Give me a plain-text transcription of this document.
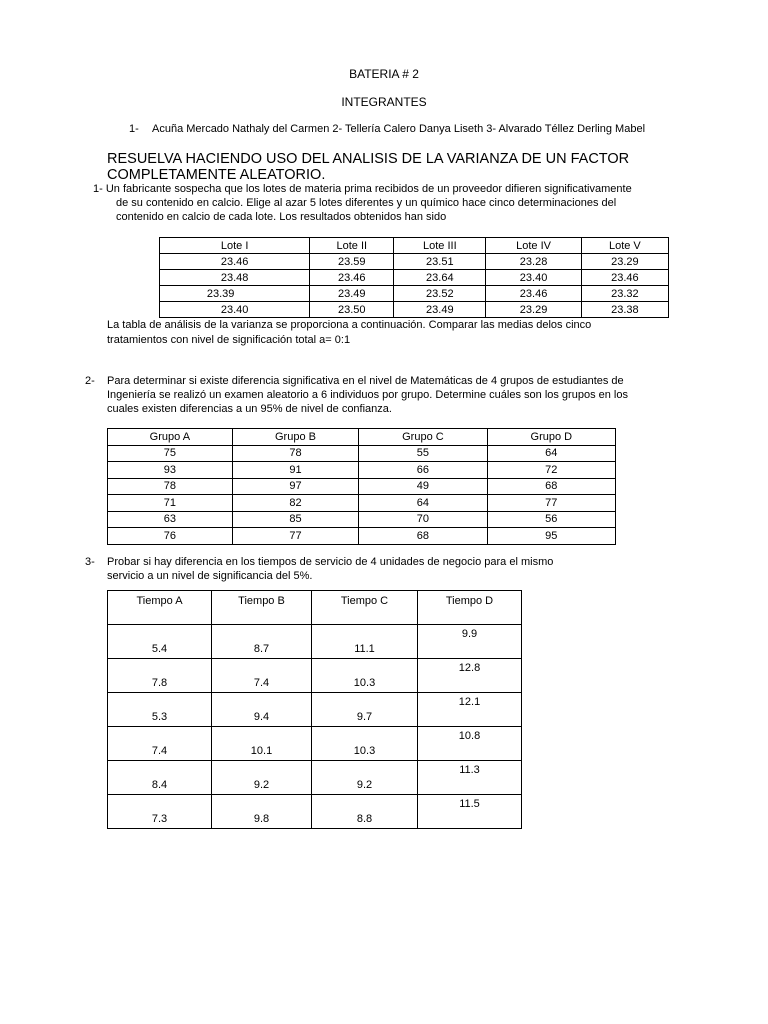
BATERIA # 2
INTEGRANTES
1- Acuña Mercado Nathaly del Carmen 2- Tellería Calero Danya Liseth 3- Alvarado Téllez Derling Mabel
RESUELVA HACIENDO USO DEL ANALISIS DE LA VARIANZA DE UN FACTOR
COMPLETAMENTE ALEATORIO.
1- Un fabricante sospecha que los lotes de materia prima recibidos de un proveedor difieren significativamente
de su contenido en calcio. Elige al azar 5 lotes diferentes y un químico hace cinco determinaciones del
contenido en calcio de cada lote. Los resultados obtenidos han sido
Lote I	Lote II	Lote III	Lote IV	Lote V
23.46	23.59	23.51	23.28	23.29
23.48	23.46	23.64	23.40	23.46
23.39	23.49	23.52	23.46	23.32
23.40	23.50	23.49	23.29	23.38
La tabla de análisis de la varianza se proporciona a continuación. Comparar las medias delos cinco
tratamientos con nivel de significación total a= 0:1
2- Para determinar si existe diferencia significativa en el nivel de Matemáticas de 4 grupos de estudiantes de
Ingeniería se realizó un examen aleatorio a 6 individuos por grupo. Determine cuáles son los grupos en los
cuales existen diferencias a un 95% de nivel de confianza.
Grupo A	Grupo B	Grupo C	Grupo D
75	78	55	64
93	91	66	72
78	97	49	68
71	82	64	77
63	85	70	56
76	77	68	95
3- Probar si hay diferencia en los tiempos de servicio de 4 unidades de negocio para el mismo
servicio a un nivel de significancia del 5%.
Tiempo A	Tiempo B	Tiempo C	Tiempo D
5.4	8.7	11.1	9.9
7.8	7.4	10.3	12.8
5.3	9.4	9.7	12.1
7.4	10.1	10.3	10.8
8.4	9.2	9.2	11.3
7.3	9.8	8.8	11.5
